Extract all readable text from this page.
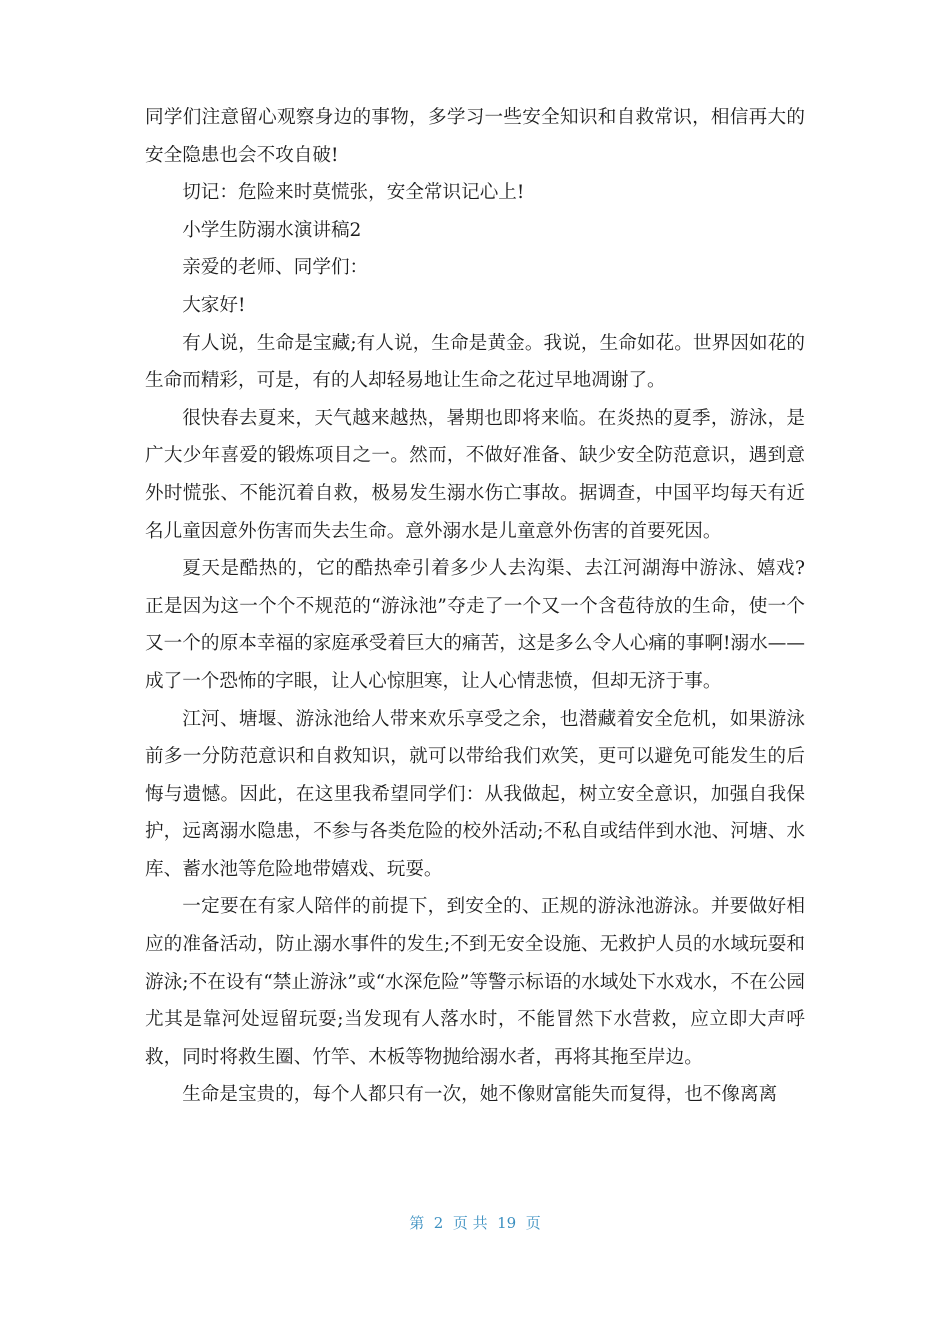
同学们注意留心观察身边的事物，多学习一些安全知识和自救常识，相信再大的安全隐患也会不攻自破!

切记：危险来时莫慌张，安全常识记心上!

小学生防溺水演讲稿2

亲爱的老师、同学们：

大家好!

有人说，生命是宝藏;有人说，生命是黄金。我说，生命如花。世界因如花的生命而精彩，可是，有的人却轻易地让生命之花过早地凋谢了。

很快春去夏来，天气越来越热，暑期也即将来临。在炎热的夏季，游泳，是广大少年喜爱的锻炼项目之一。然而，不做好准备、缺少安全防范意识，遇到意外时慌张、不能沉着自救，极易发生溺水伤亡事故。据调查，中国平均每天有近名儿童因意外伤害而失去生命。意外溺水是儿童意外伤害的首要死因。

夏天是酷热的，它的酷热牵引着多少人去沟渠、去江河湖海中游泳、嬉戏?正是因为这一个个不规范的“游泳池”夺走了一个又一个含苞待放的生命，使一个又一个的原本幸福的家庭承受着巨大的痛苦，这是多么令人心痛的事啊!溺水——成了一个恐怖的字眼，让人心惊胆寒，让人心情悲愤，但却无济于事。

江河、塘堰、游泳池给人带来欢乐享受之余，也潜藏着安全危机，如果游泳前多一分防范意识和自救知识，就可以带给我们欢笑，更可以避免可能发生的后悔与遗憾。因此，在这里我希望同学们：从我做起，树立安全意识，加强自我保护，远离溺水隐患，不参与各类危险的校外活动;不私自或结伴到水池、河塘、水库、蓄水池等危险地带嬉戏、玩耍。

一定要在有家人陪伴的前提下，到安全的、正规的游泳池游泳。并要做好相应的准备活动，防止溺水事件的发生;不到无安全设施、无救护人员的水域玩耍和游泳;不在设有“禁止游泳”或“水深危险”等警示标语的水域处下水戏水，不在公园尤其是靠河处逗留玩耍;当发现有人落水时，不能冒然下水营救，应立即大声呼救，同时将救生圈、竹竿、木板等物抛给溺水者，再将其拖至岸边。

生命是宝贵的，每个人都只有一次，她不像财富能失而复得，也不像离离

第  2  页 共  19  页
